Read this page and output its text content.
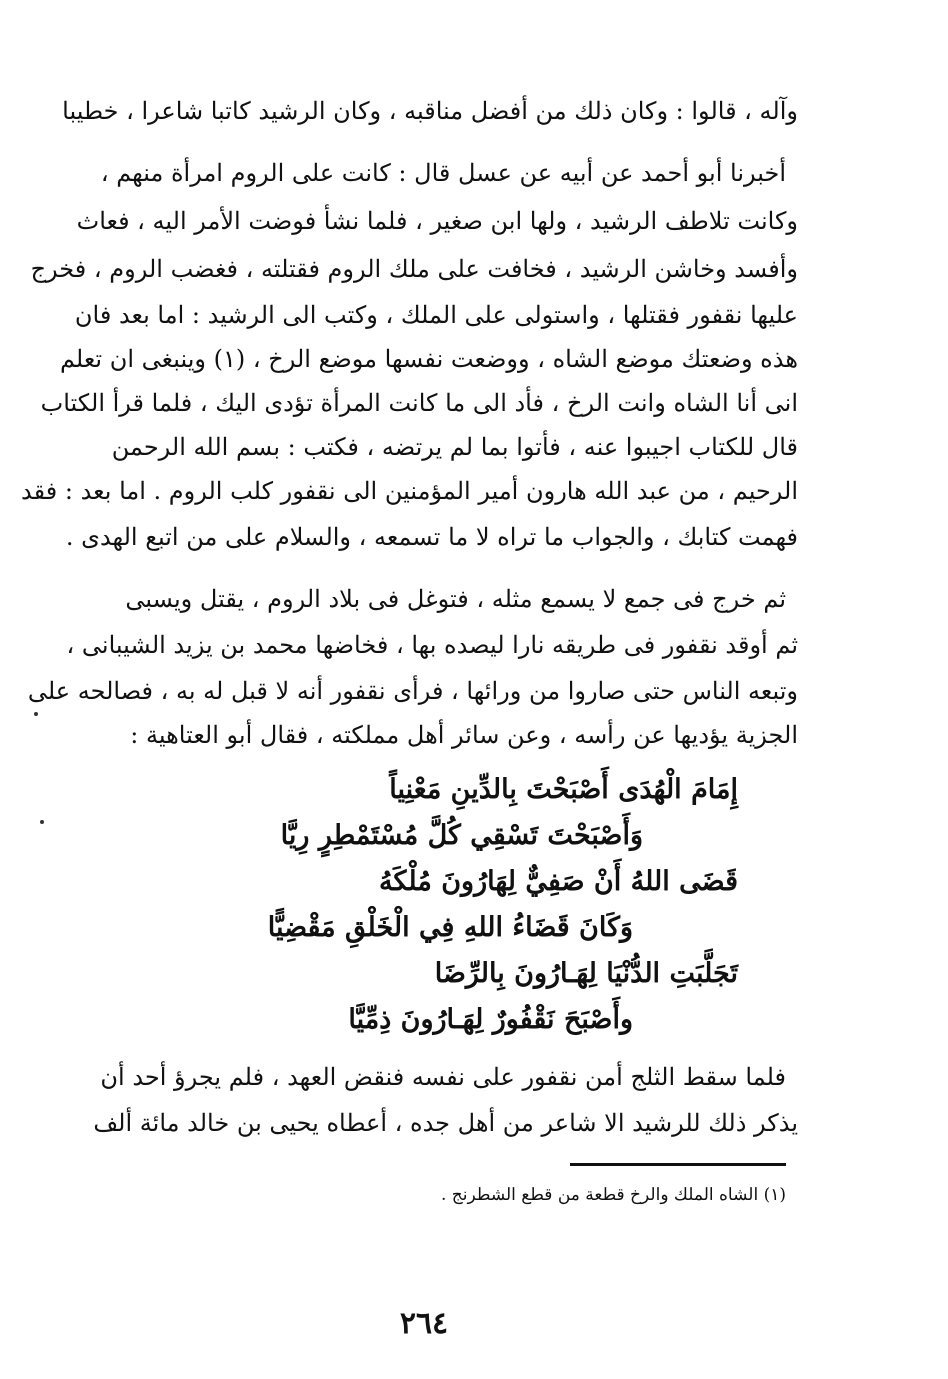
وآله ، قالوا : وكان ذلك من أفضل مناقبه ، وكان الرشيد كاتبا شاعرا ، خطيبا
أخبرنا أبو أحمد عن أبيه عن عسل قال : كانت على الروم امرأة منهم ،
وكانت تلاطف الرشيد ، ولها ابن صغير ، فلما نشأ فوضت الأمر اليه ، فعاث
وأفسد وخاشن الرشيد ، فخافت على ملك الروم فقتلته ، فغضب الروم ، فخرج
عليها نقفور فقتلها ، واستولى على الملك ، وكتب الى الرشيد : اما بعد فان
هذه وضعتك موضع الشاه ، ووضعت نفسها موضع الرخ ، (١) وينبغى ان تعلم
انى أنا الشاه وانت الرخ ، فأد الى ما كانت المرأة تؤدى اليك ، فلما قرأ الكتاب
قال للكتاب اجيبوا عنه ، فأتوا بما لم يرتضه ، فكتب : بسم الله الرحمن
الرحيم ، من عبد الله هارون أمير المؤمنين الى نقفور كلب الروم . اما بعد : فقد
فهمت كتابك ، والجواب ما تراه لا ما تسمعه ، والسلام على من اتبع الهدى .
ثم خرج فى جمع لا يسمع مثله ، فتوغل فى بلاد الروم ، يقتل ويسبى
ثم أوقد نقفور فى طريقه نارا ليصده بها ، فخاضها محمد بن يزيد الشيبانى ،
وتبعه الناس حتى صاروا من ورائها ، فرأى نقفور أنه لا قبل له به ، فصالحه على
الجزية يؤديها عن رأسه ، وعن سائر أهل مملكته ، فقال أبو العتاهية :
إِمَامَ الْهُدَى أَصْبَحْتَ بِالدِّينِ مَعْنِياً
وَأَصْبَحْتَ تَسْقِي كُلَّ مُسْتَمْطِرٍ رِيَّا
قَضَى اللهُ أَنْ صَفِيٌّ لِهَارُونَ مُلْكَهُ
وَكَانَ قَضَاءُ اللهِ فِي الْخَلْقِ مَقْضِيًّا
تَجَلَّبَتِ الدُّنْيَا لِهَـارُونَ بِالرِّضَا
وأَصْبَحَ نَقْفُورٌ لِهَـارُونَ ذِمِّيَّا
فلما سقط الثلج أمن نقفور على نفسه فنقض العهد ، فلم يجرؤ أحد أن
يذكر ذلك للرشيد الا شاعر من أهل جده ، أعطاه يحيى بن خالد مائة ألف
(١) الشاه الملك والرخ قطعة من قطع الشطرنج .
٢٦٤
